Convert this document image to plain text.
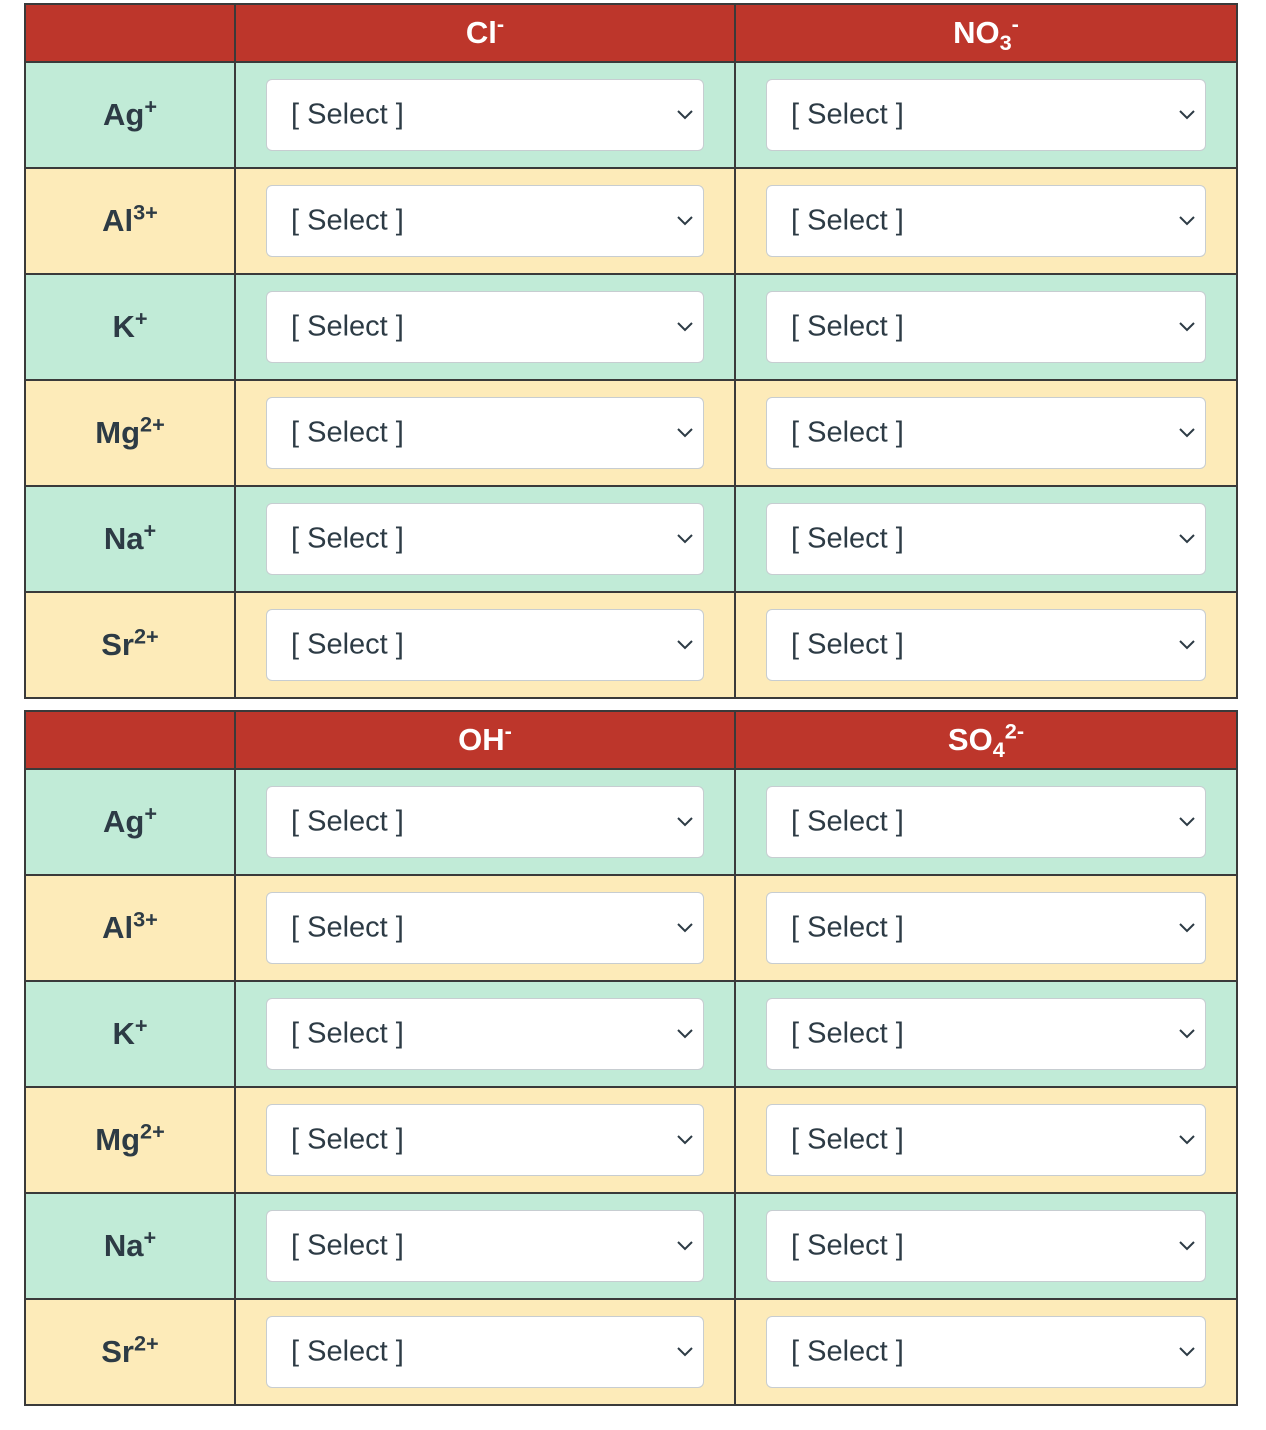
	Cl-	$NO_3^-$
Ag+	[ Select ]	[ Select ]

$Al^{3+}$	[ Select ]	[ Select ]

K+	[ Select ]	[ Select ]

$Mg^{2+}$	[ Select ]	[ Select ]

Na+	[ Select ]	[ Select ]

$Sr^{2+}$	[ Select ]	[ Select ]
	OH-	$SO_4^{2-}$
Ag+	[ Select ]	[ Select ]

$Al^{3+}$	[ Select ]	[ Select ]

K+	[ Select ]	[ Select ]

$Mg^{2+}$	[ Select ]	[ Select ]

Na+	[ Select ]	[ Select ]

$Sr^{2+}$	[ Select ]	[ Select ]
